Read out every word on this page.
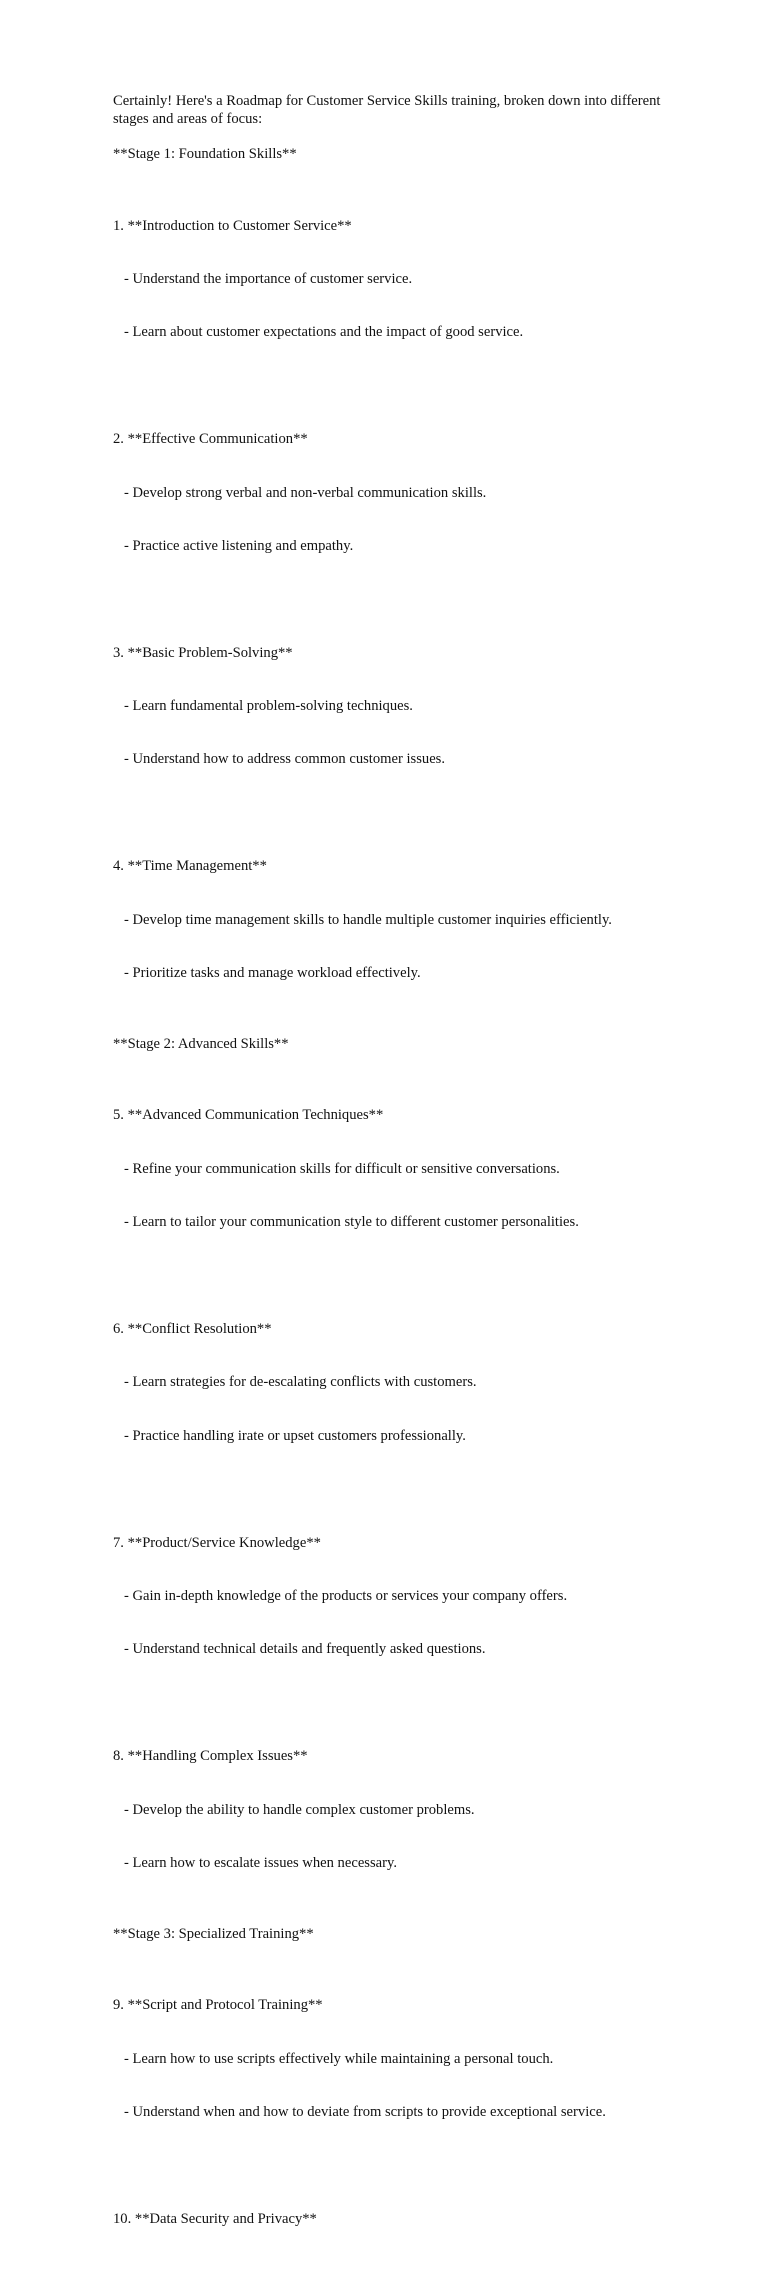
Certainly! Here's a Roadmap for Customer Service Skills training, broken down into different stages and areas of focus:

**Stage 1: Foundation Skills**

1. **Introduction to Customer Service**

- Understand the importance of customer service.

- Learn about customer expectations and the impact of good service.

2. **Effective Communication**

- Develop strong verbal and non-verbal communication skills.

- Practice active listening and empathy.

3. **Basic Problem-Solving**

- Learn fundamental problem-solving techniques.

- Understand how to address common customer issues.

4. **Time Management**

- Develop time management skills to handle multiple customer inquiries efficiently.

- Prioritize tasks and manage workload effectively.

**Stage 2: Advanced Skills**

5. **Advanced Communication Techniques**

- Refine your communication skills for difficult or sensitive conversations.

- Learn to tailor your communication style to different customer personalities.

6. **Conflict Resolution**

- Learn strategies for de-escalating conflicts with customers.

- Practice handling irate or upset customers professionally.

7. **Product/Service Knowledge**

- Gain in-depth knowledge of the products or services your company offers.

- Understand technical details and frequently asked questions.

8. **Handling Complex Issues**

- Develop the ability to handle complex customer problems.

- Learn how to escalate issues when necessary.

**Stage 3: Specialized Training**

9. **Script and Protocol Training**

- Learn how to use scripts effectively while maintaining a personal touch.

- Understand when and how to deviate from scripts to provide exceptional service.

10. **Data Security and Privacy**
